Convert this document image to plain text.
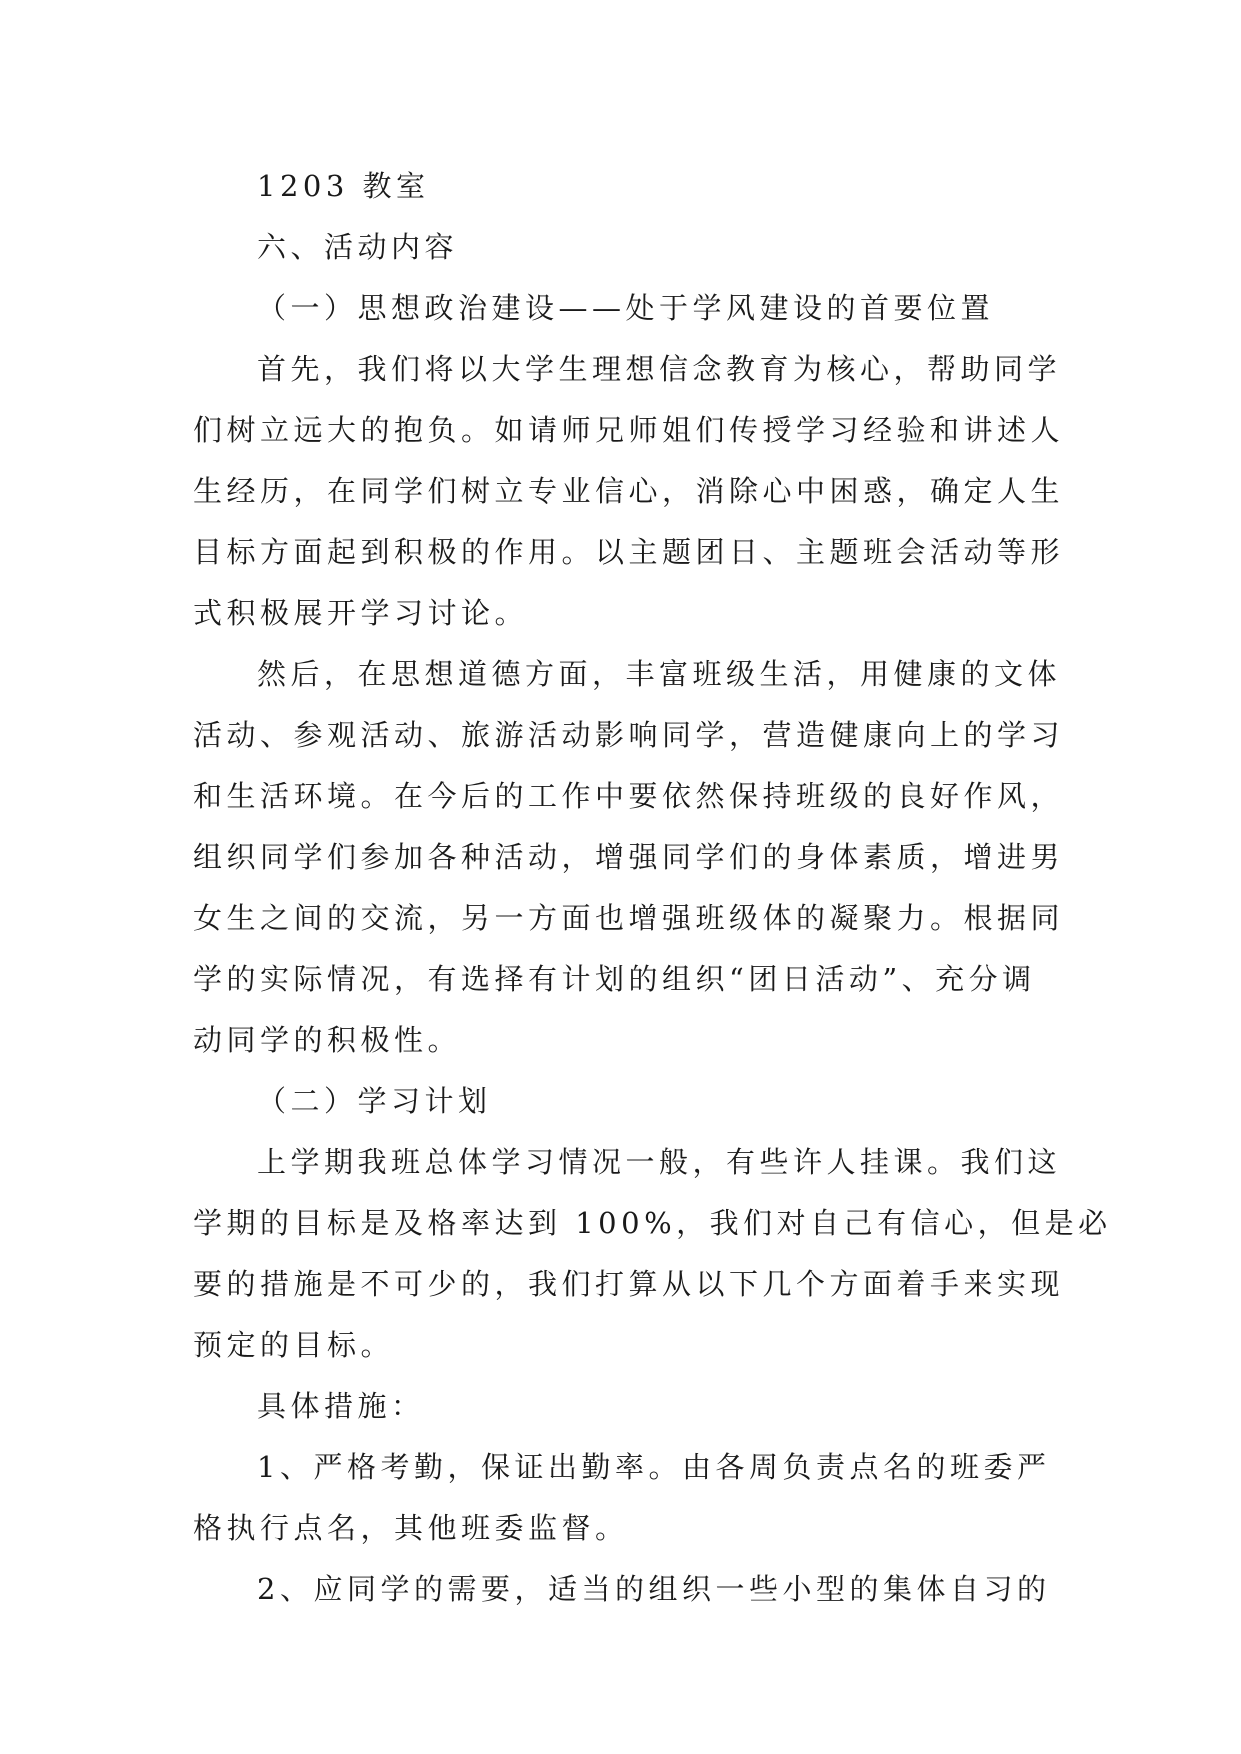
1203 教室
六、活动内容
（一）思想政治建设——处于学风建设的首要位置
首先，我们将以大学生理想信念教育为核心，帮助同学
们树立远大的抱负。如请师兄师姐们传授学习经验和讲述人
生经历，在同学们树立专业信心，消除心中困惑，确定人生
目标方面起到积极的作用。以主题团日、主题班会活动等形
式积极展开学习讨论。
然后，在思想道德方面，丰富班级生活，用健康的文体
活动、参观活动、旅游活动影响同学，营造健康向上的学习
和生活环境。在今后的工作中要依然保持班级的良好作风，
组织同学们参加各种活动，增强同学们的身体素质，增进男
女生之间的交流，另一方面也增强班级体的凝聚力。根据同
学的实际情况，有选择有计划的组织“团日活动”、充分调
动同学的积极性。
（二）学习计划
上学期我班总体学习情况一般，有些许人挂课。我们这
学期的目标是及格率达到 100%，我们对自己有信心，但是必
要的措施是不可少的，我们打算从以下几个方面着手来实现
预定的目标。
具体措施：
1、严格考勤，保证出勤率。由各周负责点名的班委严
格执行点名，其他班委监督。
2、应同学的需要，适当的组织一些小型的集体自习的
